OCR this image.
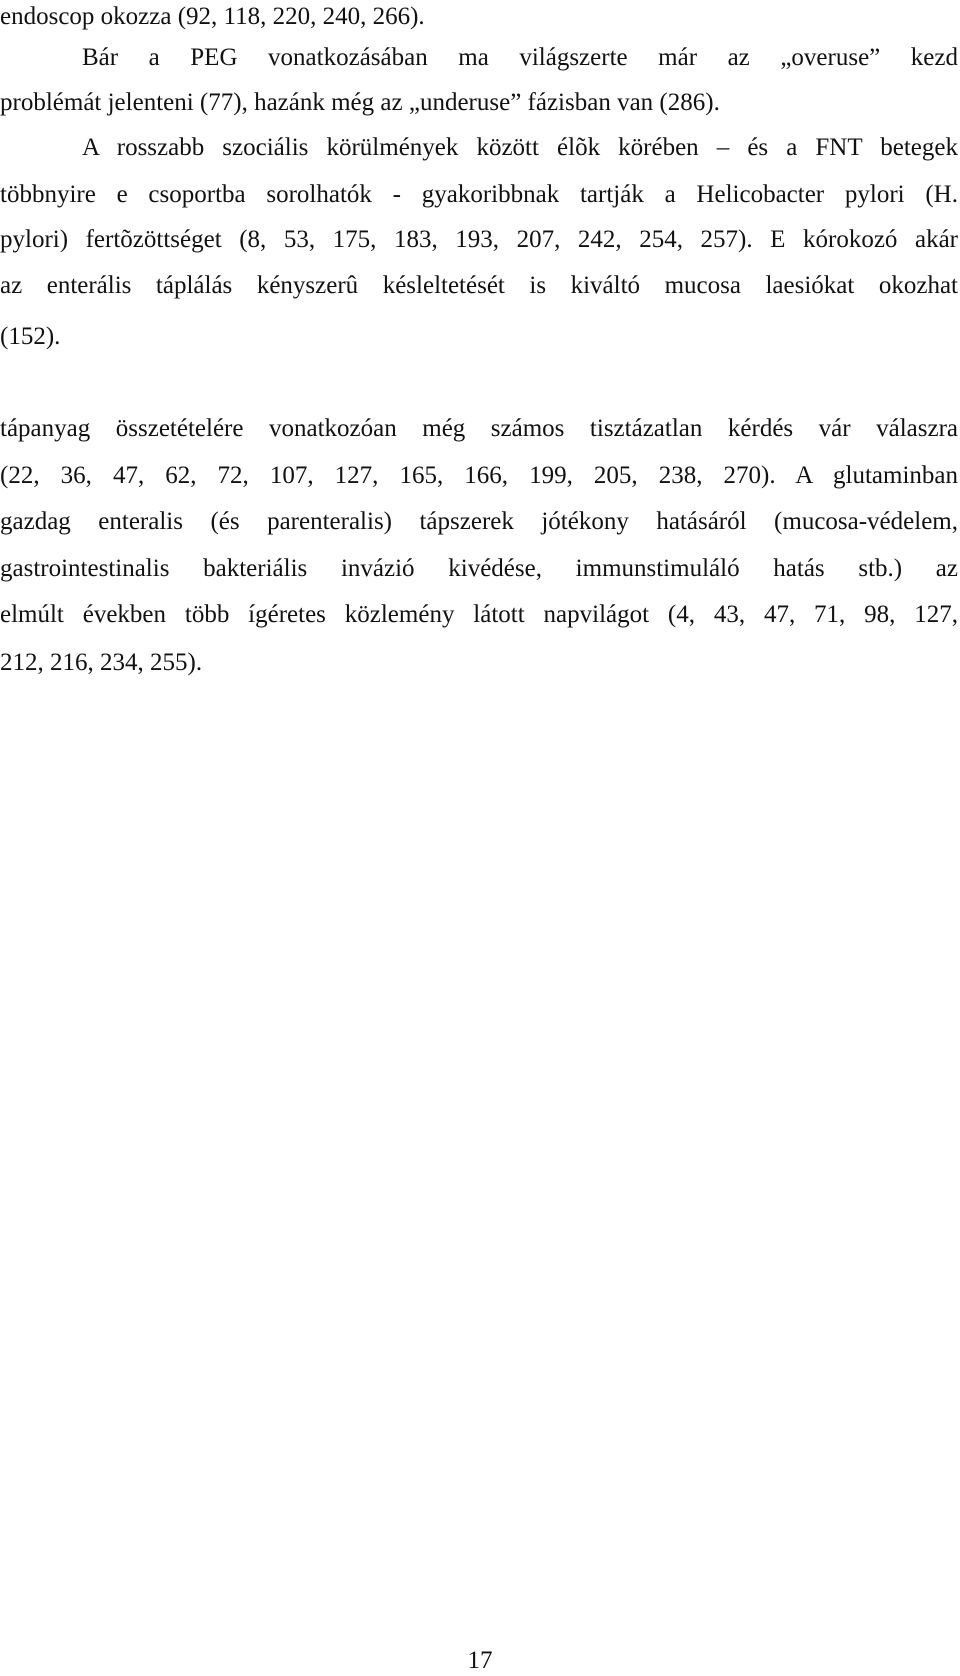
endoscop okozza (92, 118, 220, 240, 266).
Bár a PEG vonatkozásában ma világszerte már az „overuse” kezd
problémát jelenteni (77), hazánk még az „underuse” fázisban van (286).
A rosszabb szociális körülmények között élõk körében – és a FNT betegek
többnyire e csoportba sorolhatók - gyakoribbnak tartják a Helicobacter pylori (H.
pylori) fertõzöttséget (8, 53, 175, 183, 193, 207, 242, 254, 257). E kórokozó akár
az enterális táplálás kényszerû késleltetését is kiváltó mucosa laesiókat okozhat
(152).
tápanyag összetételére vonatkozóan még számos tisztázatlan kérdés vár válaszra
(22, 36, 47, 62, 72, 107, 127, 165, 166, 199, 205, 238, 270). A glutaminban
gazdag enteralis (és parenteralis) tápszerek jótékony hatásáról (mucosa-védelem,
gastrointestinalis bakteriális invázió kivédése, immunstimuláló hatás stb.) az
elmúlt években több ígéretes közlemény látott napvilágot (4, 43, 47, 71, 98, 127,
212, 216, 234, 255).
17
